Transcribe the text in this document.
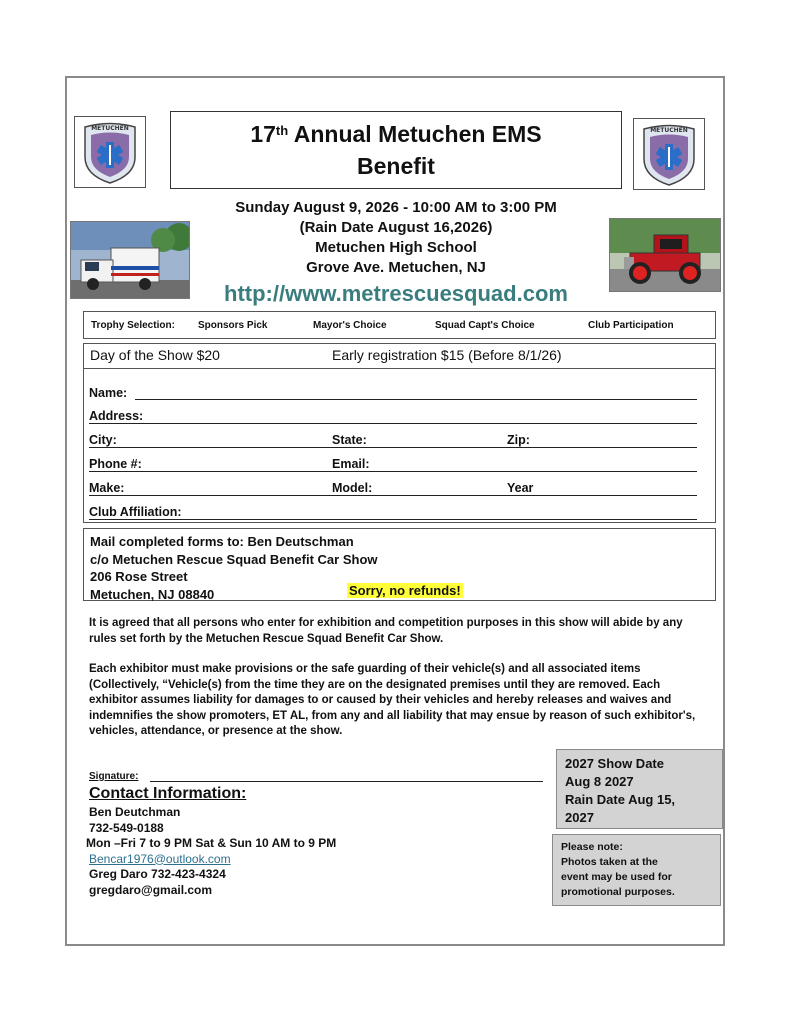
METUCHEN	METUCHEN
17th Annual Metuchen EMS
Benefit
Sunday August 9, 2026 - 10:00 AM to 3:00 PM
(Rain Date August 16,2026)
Metuchen High School
Grove Ave. Metuchen, NJ
http://www.metrescuesquad.com
Trophy Selection: Sponsors Pick	Mayor's Choice	Squad Capt's Choice	Club Participation
Day of the Show $20	Early registration $15 (Before 8/1/26)
Name:
Address:
City:	State:	Zip:
Phone #:	Email:
Make:	Model:	Year
Club Affiliation:
Mail completed forms to: Ben Deutschman
c/o Metuchen Rescue Squad Benefit Car Show
206 Rose Street
Metuchen, NJ 08840	Sorry, no refunds!
It is agreed that all persons who enter for exhibition and competition purposes in this show will abide by any rules set forth by the Metuchen Rescue Squad Benefit Car Show.
Each exhibitor must make provisions or the safe guarding of their vehicle(s) and all associated items (Collectively, “Vehicle(s) from the time they are on the designated premises until they are removed. Each exhibitor assumes liability for damages to or caused by their vehicles and hereby releases and waives and indemnifies the show promoters, ET AL, from any and all liability that may ensue by reason of such exhibitor's, vehicles, attendance, or presence at the show.
Signature:
Contact Information:
Ben Deutchman
732-549-0188
Mon –Fri 7 to 9 PM Sat & Sun 10 AM to 9 PM
Bencar1976@outlook.com
Greg Daro 732-423-4324
gregdaro@gmail.com
2027 Show Date
Aug 8 2027
Rain Date Aug 15,
2027
Please note:
Photos taken at the
event may be used for
promotional purposes.
